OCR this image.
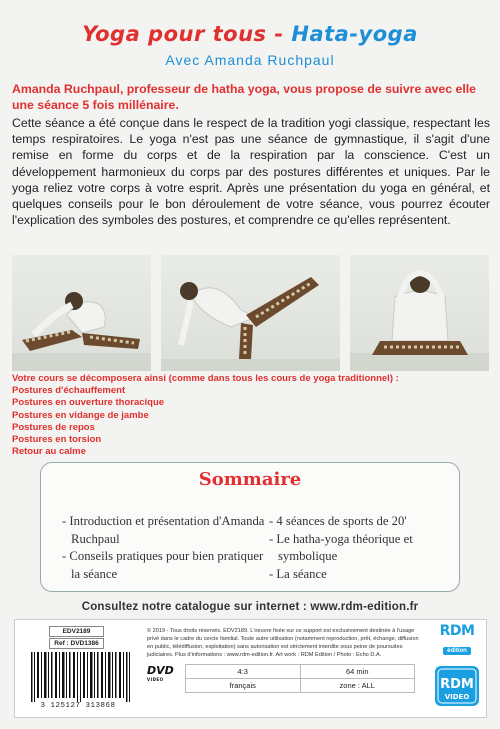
Yoga pour tous - Hata-yoga
Avec Amanda Ruchpaul
Amanda Ruchpaul, professeur de hatha yoga, vous propose de suivre avec elle une séance 5 fois millénaire.
Cette séance a été conçue dans le respect de la tradition yogi classique, respectant les temps respiratoires. Le yoga n'est pas une séance de gymnastique, il s'agit d'une remise en forme du corps et de la respiration par la conscience. C'est un développement harmonieux du corps par des postures différentes et uniques. Par le yoga reliez votre corps à votre esprit. Après une présentation du yoga en général, et quelques conseils pour le bon déroulement de votre séance, vous pourrez écouter l'explication des symboles des postures, et comprendre ce qu'elles représentent.
Votre cours se décomposera ainsi (comme dans tous les cours de yoga traditionnel) :
Postures d'échauffement
Postures en ouverture thoracique
Postures en vidange de jambe
Postures de repos
Postures en torsion
Retour au calme
Sommaire
- Introduction et présentation d'Amanda Ruchpaul
- Conseils pratiques pour bien pratiquer la séance
- 4 séances de sports de 20'
- Le hatha-yoga théorique et symbolique
- La séance
Consultez notre catalogue sur internet : www.rdm-edition.fr
EDV2189
Ref : DVD1386
3 125127 313868
© 2019 - Tous droits réservés. EDV2189. L'oeuvre fixée sur ce support est exclusivement destinée à l'usage privé dans le cadre du cercle familial. Toute autre utilisation (notamment reproduction, prêt, échange, diffusion en public, télédiffusion, exploitation) sans autorisation est strictement interdite sous peine de poursuites judiciaires. Plus d'informations : www.rdm-edition.fr. Art work : RDM Edition / Photo : Echo D.A.
DVD
VIDEO
4:3	64 min
français	zone : ALL
RDM
édition
RDM
VIDEO
